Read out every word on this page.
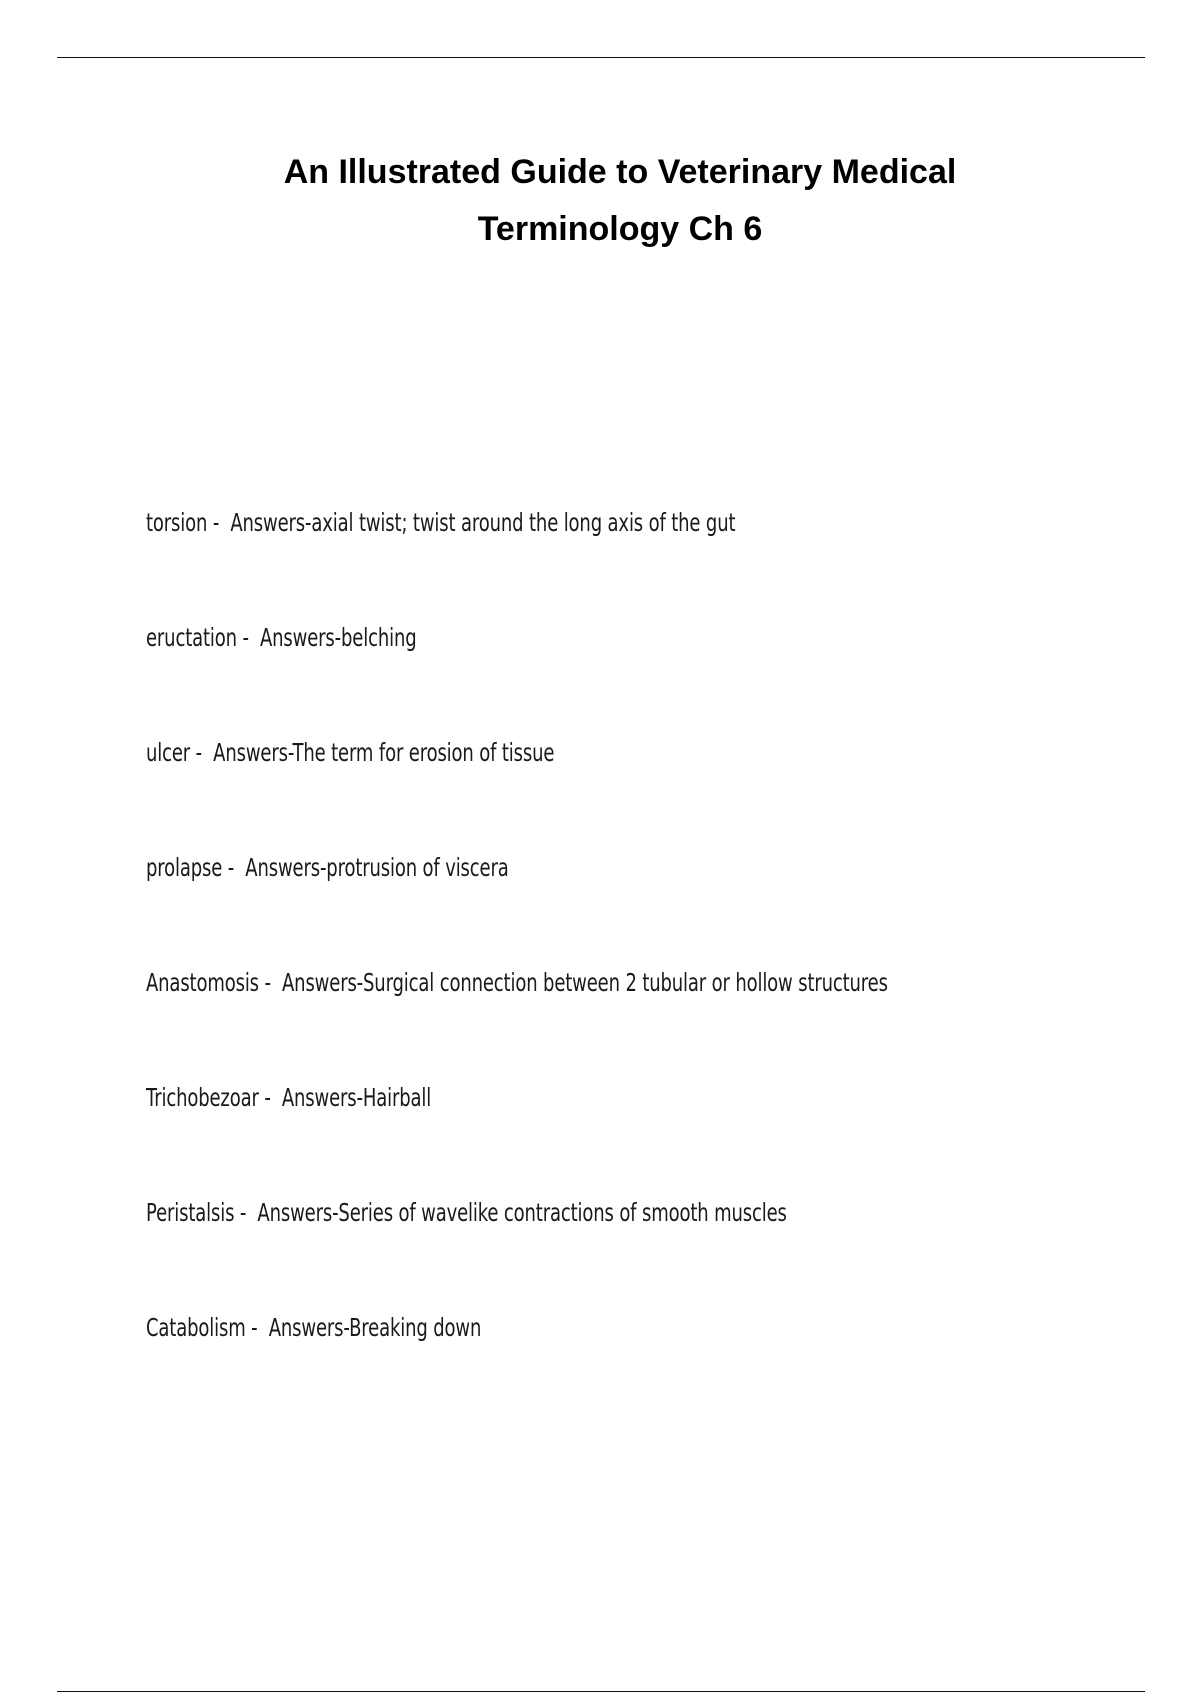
An Illustrated Guide to Veterinary Medical
Terminology Ch 6
torsion -  Answers-axial twist; twist around the long axis of the gut
eructation -  Answers-belching
ulcer -  Answers-The term for erosion of tissue
prolapse -  Answers-protrusion of viscera
Anastomosis -  Answers-Surgical connection between 2 tubular or hollow structures
Trichobezoar -  Answers-Hairball
Peristalsis -  Answers-Series of wavelike contractions of smooth muscles
Catabolism -  Answers-Breaking down
